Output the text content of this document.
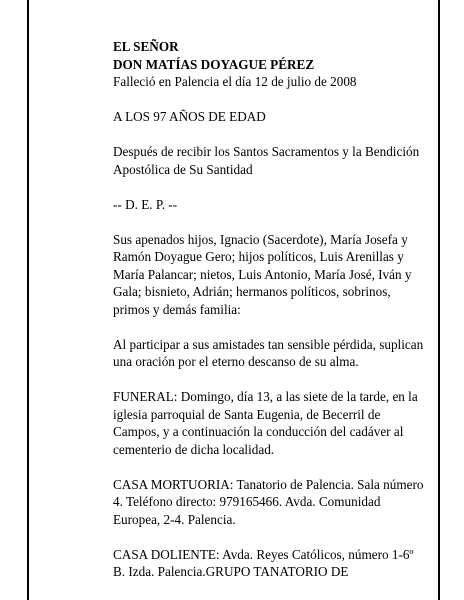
EL SEÑOR

DON MATÍAS DOYAGUE PÉREZ

Falleció en Palencia el día 12 de julio de 2008

A LOS 97 AÑOS DE EDAD

Después de recibir los Santos Sacramentos y la Bendición Apostólica de Su Santidad

-- D. E. P. --

Sus apenados hijos, Ignacio (Sacerdote), María Josefa y Ramón Doyague Gero; hijos políticos, Luis Arenillas y María Palancar; nietos, Luis Antonio, María José, Iván y Gala; bisnieto, Adrián; hermanos políticos, sobrinos, primos y demás familia:

Al participar a sus amistades tan sensible pérdida, suplican una oración por el eterno descanso de su alma.

FUNERAL: Domingo, día 13, a las siete de la tarde, en la iglesia parroquial de Santa Eugenia, de Becerril de Campos, y a continuación la conducción del cadáver al cementerio de dicha localidad.

CASA MORTUORIA: Tanatorio de Palencia. Sala número 4. Teléfono directo: 979165466. Avda. Comunidad Europea, 2-4. Palencia.

CASA DOLIENTE: Avda. Reyes Católicos, número 1-6º B. Izda. Palencia.GRUPO TANATORIO DE
